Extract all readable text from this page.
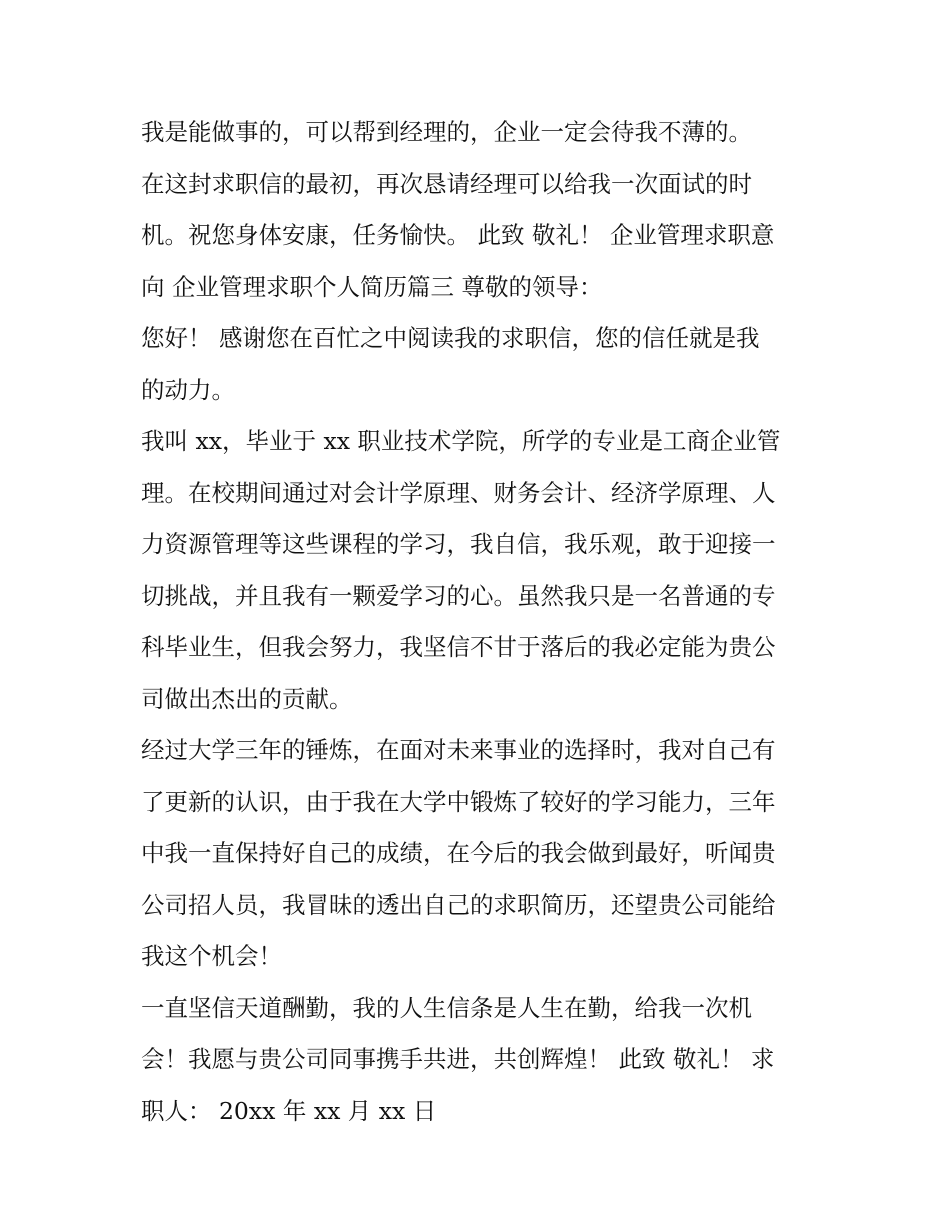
我是能做事的，可以帮到经理的，企业一定会待我不薄的。
在这封求职信的最初，再次恳请经理可以给我一次面试的时
机。祝您身体安康，任务愉快。 此致 敬礼！ 企业管理求职意
向 企业管理求职个人简历篇三 尊敬的领导：
您好！ 感谢您在百忙之中阅读我的求职信，您的信任就是我
的动力。
我叫 xx，毕业于 xx 职业技术学院，所学的专业是工商企业管
理。在校期间通过对会计学原理、财务会计、经济学原理、人
力资源管理等这些课程的学习，我自信，我乐观，敢于迎接一
切挑战，并且我有一颗爱学习的心。虽然我只是一名普通的专
科毕业生，但我会努力，我坚信不甘于落后的我必定能为贵公
司做出杰出的贡献。
经过大学三年的锤炼，在面对未来事业的选择时，我对自己有
了更新的认识，由于我在大学中锻炼了较好的学习能力，三年
中我一直保持好自己的成绩，在今后的我会做到最好，听闻贵
公司招人员，我冒昧的透出自己的求职简历，还望贵公司能给
我这个机会！
一直坚信天道酬勤，我的人生信条是人生在勤，给我一次机
会！我愿与贵公司同事携手共进，共创辉煌！ 此致 敬礼！ 求
职人： 20xx 年 xx 月 xx 日
